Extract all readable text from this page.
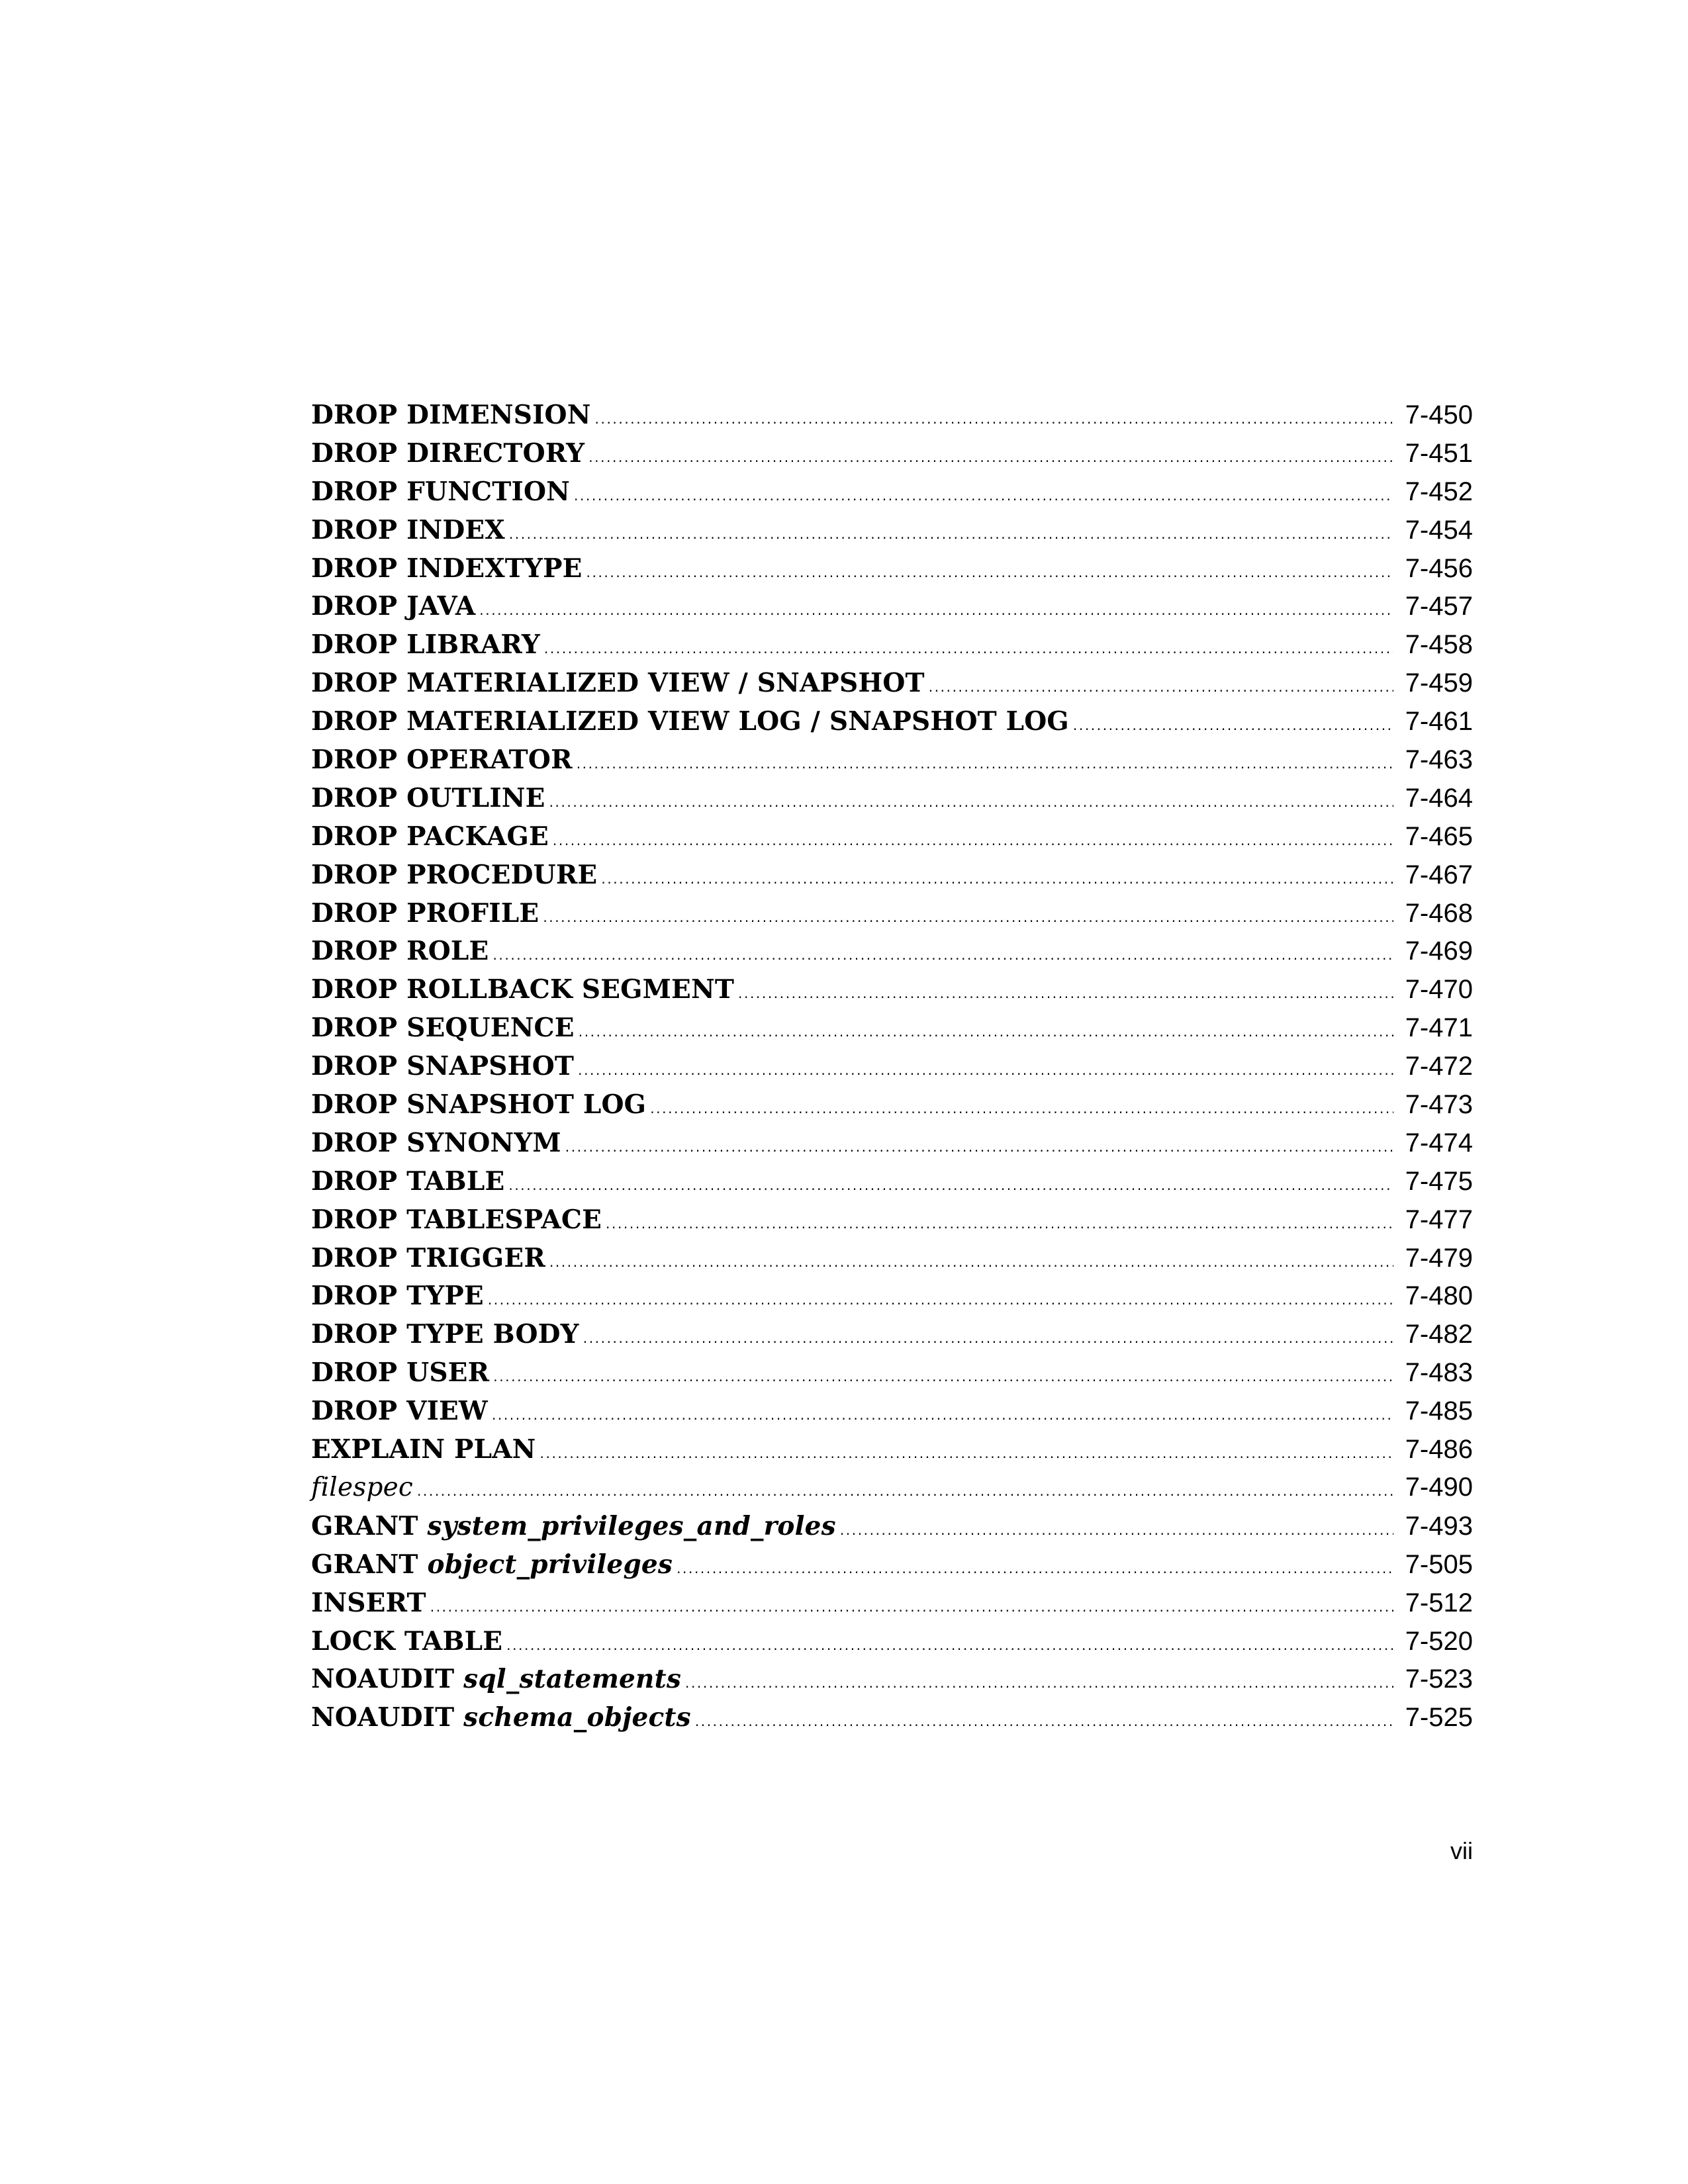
DROP DIMENSION .....	7-450
DROP DIRECTORY .....	7-451
DROP FUNCTION .....	7-452
DROP INDEX .....	7-454
DROP INDEXTYPE .....	7-456
DROP JAVA .....	7-457
DROP LIBRARY .....	7-458
DROP MATERIALIZED VIEW / SNAPSHOT .....	7-459
DROP MATERIALIZED VIEW LOG / SNAPSHOT LOG .....	7-461
DROP OPERATOR .....	7-463
DROP OUTLINE .....	7-464
DROP PACKAGE .....	7-465
DROP PROCEDURE .....	7-467
DROP PROFILE .....	7-468
DROP ROLE .....	7-469
DROP ROLLBACK SEGMENT .....	7-470
DROP SEQUENCE .....	7-471
DROP SNAPSHOT .....	7-472
DROP SNAPSHOT LOG .....	7-473
DROP SYNONYM .....	7-474
DROP TABLE .....	7-475
DROP TABLESPACE .....	7-477
DROP TRIGGER .....	7-479
DROP TYPE .....	7-480
DROP TYPE BODY .....	7-482
DROP USER .....	7-483
DROP VIEW .....	7-485
EXPLAIN PLAN .....	7-486
filespec .....	7-490
GRANT system_privileges_and_roles .....	7-493
GRANT object_privileges .....	7-505
INSERT .....	7-512
LOCK TABLE .....	7-520
NOAUDIT sql_statements .....	7-523
NOAUDIT schema_objects .....	7-525
vii
